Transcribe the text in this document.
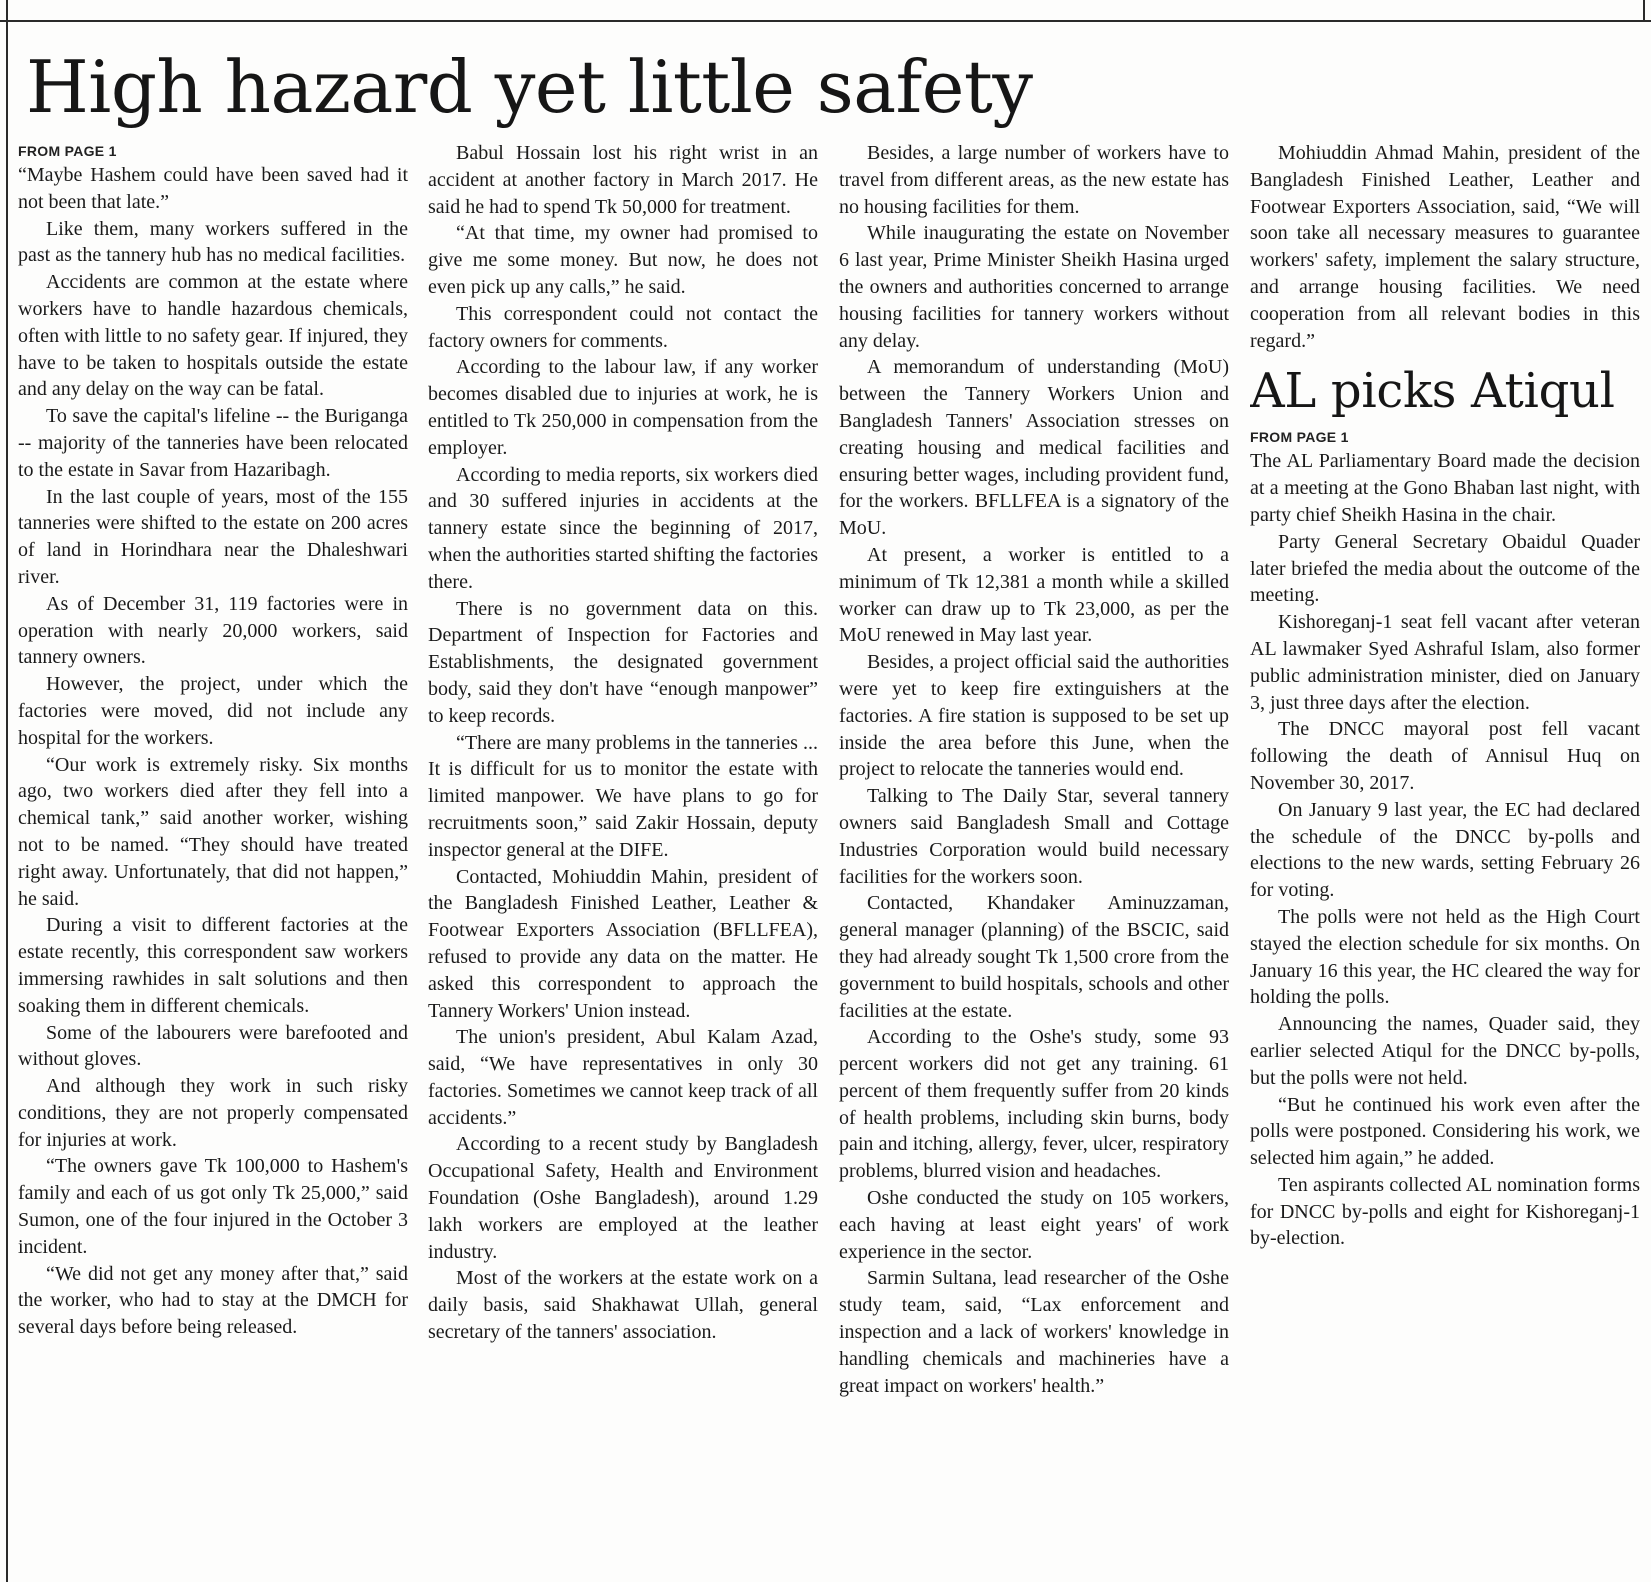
High hazard yet little safety
FROM PAGE 1

“Maybe Hashem could have been saved had it not been that late.”

Like them, many workers suffered in the past as the tannery hub has no medical facilities.

Accidents are common at the estate where workers have to handle hazardous chemicals, often with little to no safety gear. If injured, they have to be taken to hospitals outside the estate and any delay on the way can be fatal.

To save the capital's lifeline -- the Buriganga -- majority of the tanneries have been relocated to the estate in Savar from Hazaribagh.

In the last couple of years, most of the 155 tanneries were shifted to the estate on 200 acres of land in Horindhara near the Dhaleshwari river.

As of December 31, 119 factories were in operation with nearly 20,000 workers, said tannery owners.

However, the project, under which the factories were moved, did not include any hospital for the workers.

“Our work is extremely risky. Six months ago, two workers died after they fell into a chemical tank,” said another worker, wishing not to be named. “They should have treated right away. Unfortunately, that did not happen,” he said.

During a visit to different factories at the estate recently, this correspondent saw workers immersing rawhides in salt solutions and then soaking them in different chemicals.

Some of the labourers were barefooted and without gloves.

And although they work in such risky conditions, they are not properly compensated for injuries at work.

“The owners gave Tk 100,000 to Hashem's family and each of us got only Tk 25,000,” said Sumon, one of the four injured in the October 3 incident.

“We did not get any money after that,” said the worker, who had to stay at the DMCH for several days before being released.

Babul Hossain lost his right wrist in an accident at another factory in March 2017. He said he had to spend Tk 50,000 for treatment.

“At that time, my owner had promised to give me some money. But now, he does not even pick up any calls,” he said.

This correspondent could not contact the factory owners for comments.

According to the labour law, if any worker becomes disabled due to injuries at work, he is entitled to Tk 250,000 in compensation from the employer.

According to media reports, six workers died and 30 suffered injuries in accidents at the tannery estate since the beginning of 2017, when the authorities started shifting the factories there.

There is no government data on this. Department of Inspection for Factories and Establishments, the designated government body, said they don't have “enough manpower” to keep records.

“There are many problems in the tanneries ... It is difficult for us to monitor the estate with limited manpower. We have plans to go for recruitments soon,” said Zakir Hossain, deputy inspector general at the DIFE.

Contacted, Mohiuddin Mahin, president of the Bangladesh Finished Leather, Leather & Footwear Exporters Association (BFLLFEA), refused to provide any data on the matter. He asked this correspondent to approach the Tannery Workers' Union instead.

The union's president, Abul Kalam Azad, said, “We have representatives in only 30 factories. Sometimes we cannot keep track of all accidents.”

According to a recent study by Bangladesh Occupational Safety, Health and Environment Foundation (Oshe Bangladesh), around 1.29 lakh workers are employed at the leather industry.

Most of the workers at the estate work on a daily basis, said Shakhawat Ullah, general secretary of the tanners' association.

Besides, a large number of workers have to travel from different areas, as the new estate has no housing facilities for them.

While inaugurating the estate on November 6 last year, Prime Minister Sheikh Hasina urged the owners and authorities concerned to arrange housing facilities for tannery workers without any delay.

A memorandum of understanding (MoU) between the Tannery Workers Union and Bangladesh Tanners' Association stresses on creating housing and medical facilities and ensuring better wages, including provident fund, for the workers. BFLLFEA is a signatory of the MoU.

At present, a worker is entitled to a minimum of Tk 12,381 a month while a skilled worker can draw up to Tk 23,000, as per the MoU renewed in May last year.

Besides, a project official said the authorities were yet to keep fire extinguishers at the factories. A fire station is supposed to be set up inside the area before this June, when the project to relocate the tanneries would end.

Talking to The Daily Star, several tannery owners said Bangladesh Small and Cottage Industries Corporation would build necessary facilities for the workers soon.

Contacted, Khandaker Aminuzzaman, general manager (planning) of the BSCIC, said they had already sought Tk 1,500 crore from the government to build hospitals, schools and other facilities at the estate.

According to the Oshe's study, some 93 percent workers did not get any training. 61 percent of them frequently suffer from 20 kinds of health problems, including skin burns, body pain and itching, allergy, fever, ulcer, respiratory problems, blurred vision and headaches.

Oshe conducted the study on 105 workers, each having at least eight years' of work experience in the sector.

Sarmin Sultana, lead researcher of the Oshe study team, said, “Lax enforcement and inspection and a lack of workers' knowledge in handling chemicals and machineries have a great impact on workers' health.”

Mohiuddin Ahmad Mahin, president of the Bangladesh Finished Leather, Leather and Footwear Exporters Association, said, “We will soon take all necessary measures to guarantee workers' safety, implement the salary structure, and arrange housing facilities. We need cooperation from all relevant bodies in this regard.”

AL picks Atiqul
FROM PAGE 1

The AL Parliamentary Board made the decision at a meeting at the Gono Bhaban last night, with party chief Sheikh Hasina in the chair.

Party General Secretary Obaidul Quader later briefed the media about the outcome of the meeting.

Kishoreganj-1 seat fell vacant after veteran AL lawmaker Syed Ashraful Islam, also former public administration minister, died on January 3, just three days after the election.

The DNCC mayoral post fell vacant following the death of Annisul Huq on November 30, 2017.

On January 9 last year, the EC had declared the schedule of the DNCC by-polls and elections to the new wards, setting February 26 for voting.

The polls were not held as the High Court stayed the election schedule for six months. On January 16 this year, the HC cleared the way for holding the polls.

Announcing the names, Quader said, they earlier selected Atiqul for the DNCC by-polls, but the polls were not held.

“But he continued his work even after the polls were postponed. Considering his work, we selected him again,” he added.

Ten aspirants collected AL nomination forms for DNCC by-polls and eight for Kishoreganj-1 by-election.
